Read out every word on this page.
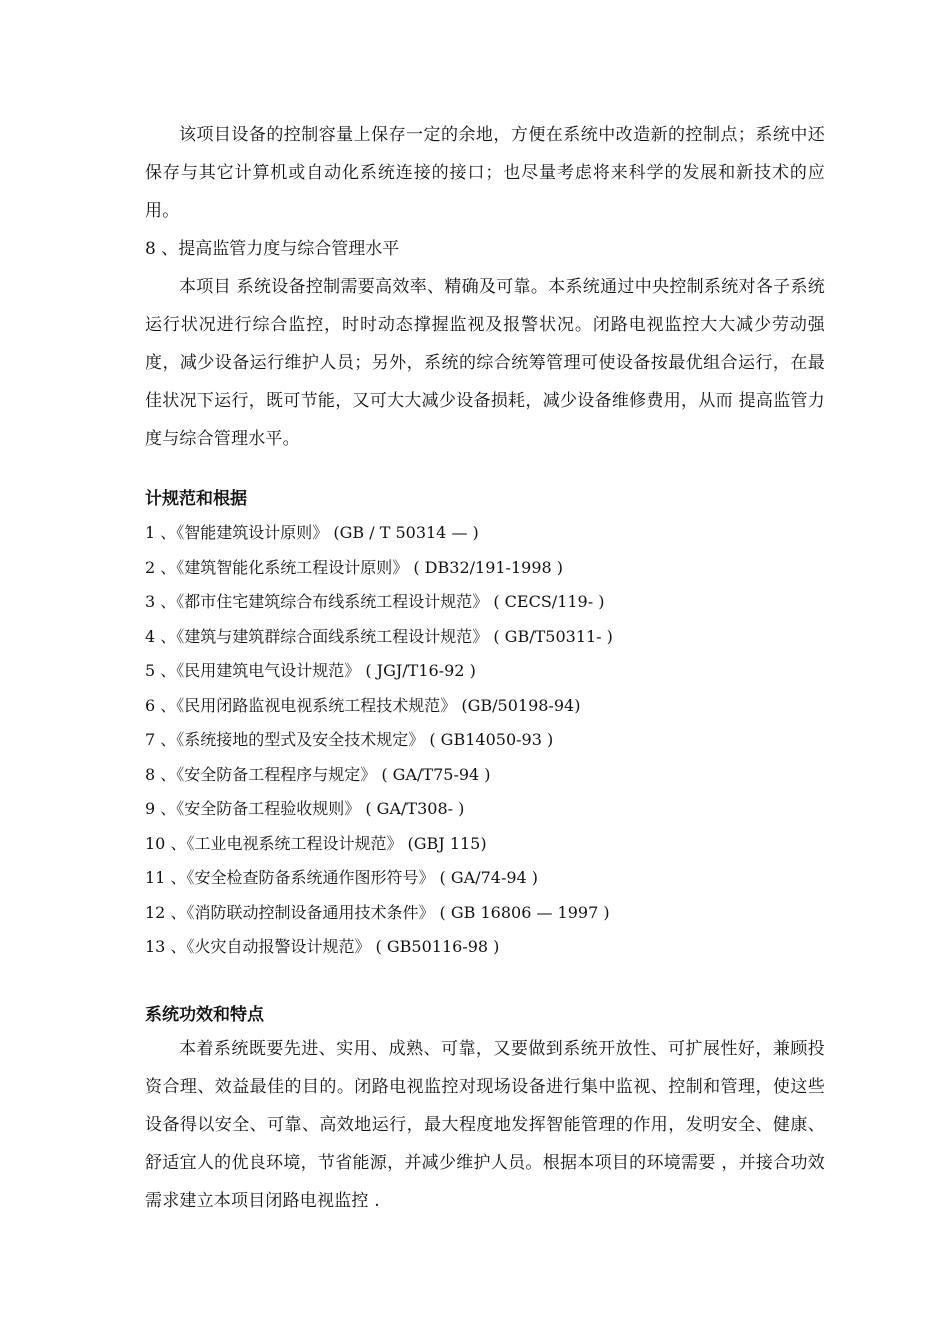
该项目设备的控制容量上保存一定的余地，方便在系统中改造新的控制点；系统中还保存与其它计算机或自动化系统连接的接口；也尽量考虑将来科学的发展和新技术的应用。

8 、提高监管力度与综合管理水平

本项目 系统设备控制需要高效率、精确及可靠。本系统通过中央控制系统对各子系统运行状况进行综合监控，时时动态撑握监视及报警状况。闭路电视监控大大减少劳动强度，减少设备运行维护人员；另外，系统的综合统筹管理可使设备按最优组合运行，在最佳状况下运行，既可节能，又可大大减少设备损耗，减少设备维修费用，从而 提高监管力度与综合管理水平。

计规范和根据

1 、《智能建筑设计原则》 (GB / T 50314 — )
2 、《建筑智能化系统工程设计原则》 ( DB32/191-1998 )
3 、《都市住宅建筑综合布线系统工程设计规范》 ( CECS/119- )
4 、《建筑与建筑群综合面线系统工程设计规范》 ( GB/T50311- )
5 、《民用建筑电气设计规范》 ( JGJ/T16-92 )
6 、《民用闭路监视电视系统工程技术规范》 (GB/50198-94)
7 、《系统接地的型式及安全技术规定》 ( GB14050-93 )
8 、《安全防备工程程序与规定》 ( GA/T75-94 )
9 、《安全防备工程验收规则》 ( GA/T308- )
10 、《工业电视系统工程设计规范》 (GBJ 115)
11 、《安全检查防备系统通作图形符号》 ( GA/74-94 )
12 、《消防联动控制设备通用技术条件》 ( GB 16806 — 1997 )
13 、《火灾自动报警设计规范》 ( GB50116-98 )

系统功效和特点

本着系统既要先进、实用、成熟、可靠，又要做到系统开放性、可扩展性好，兼顾投资合理、效益最佳的目的。闭路电视监控对现场设备进行集中监视、控制和管理，使这些设备得以安全、可靠、高效地运行，最大程度地发挥智能管理的作用，发明安全、健康、舒适宜人的优良环境，节省能源，并减少维护人员。根据本项目的环境需要 ，并接合功效需求建立本项目闭路电视监控 .
